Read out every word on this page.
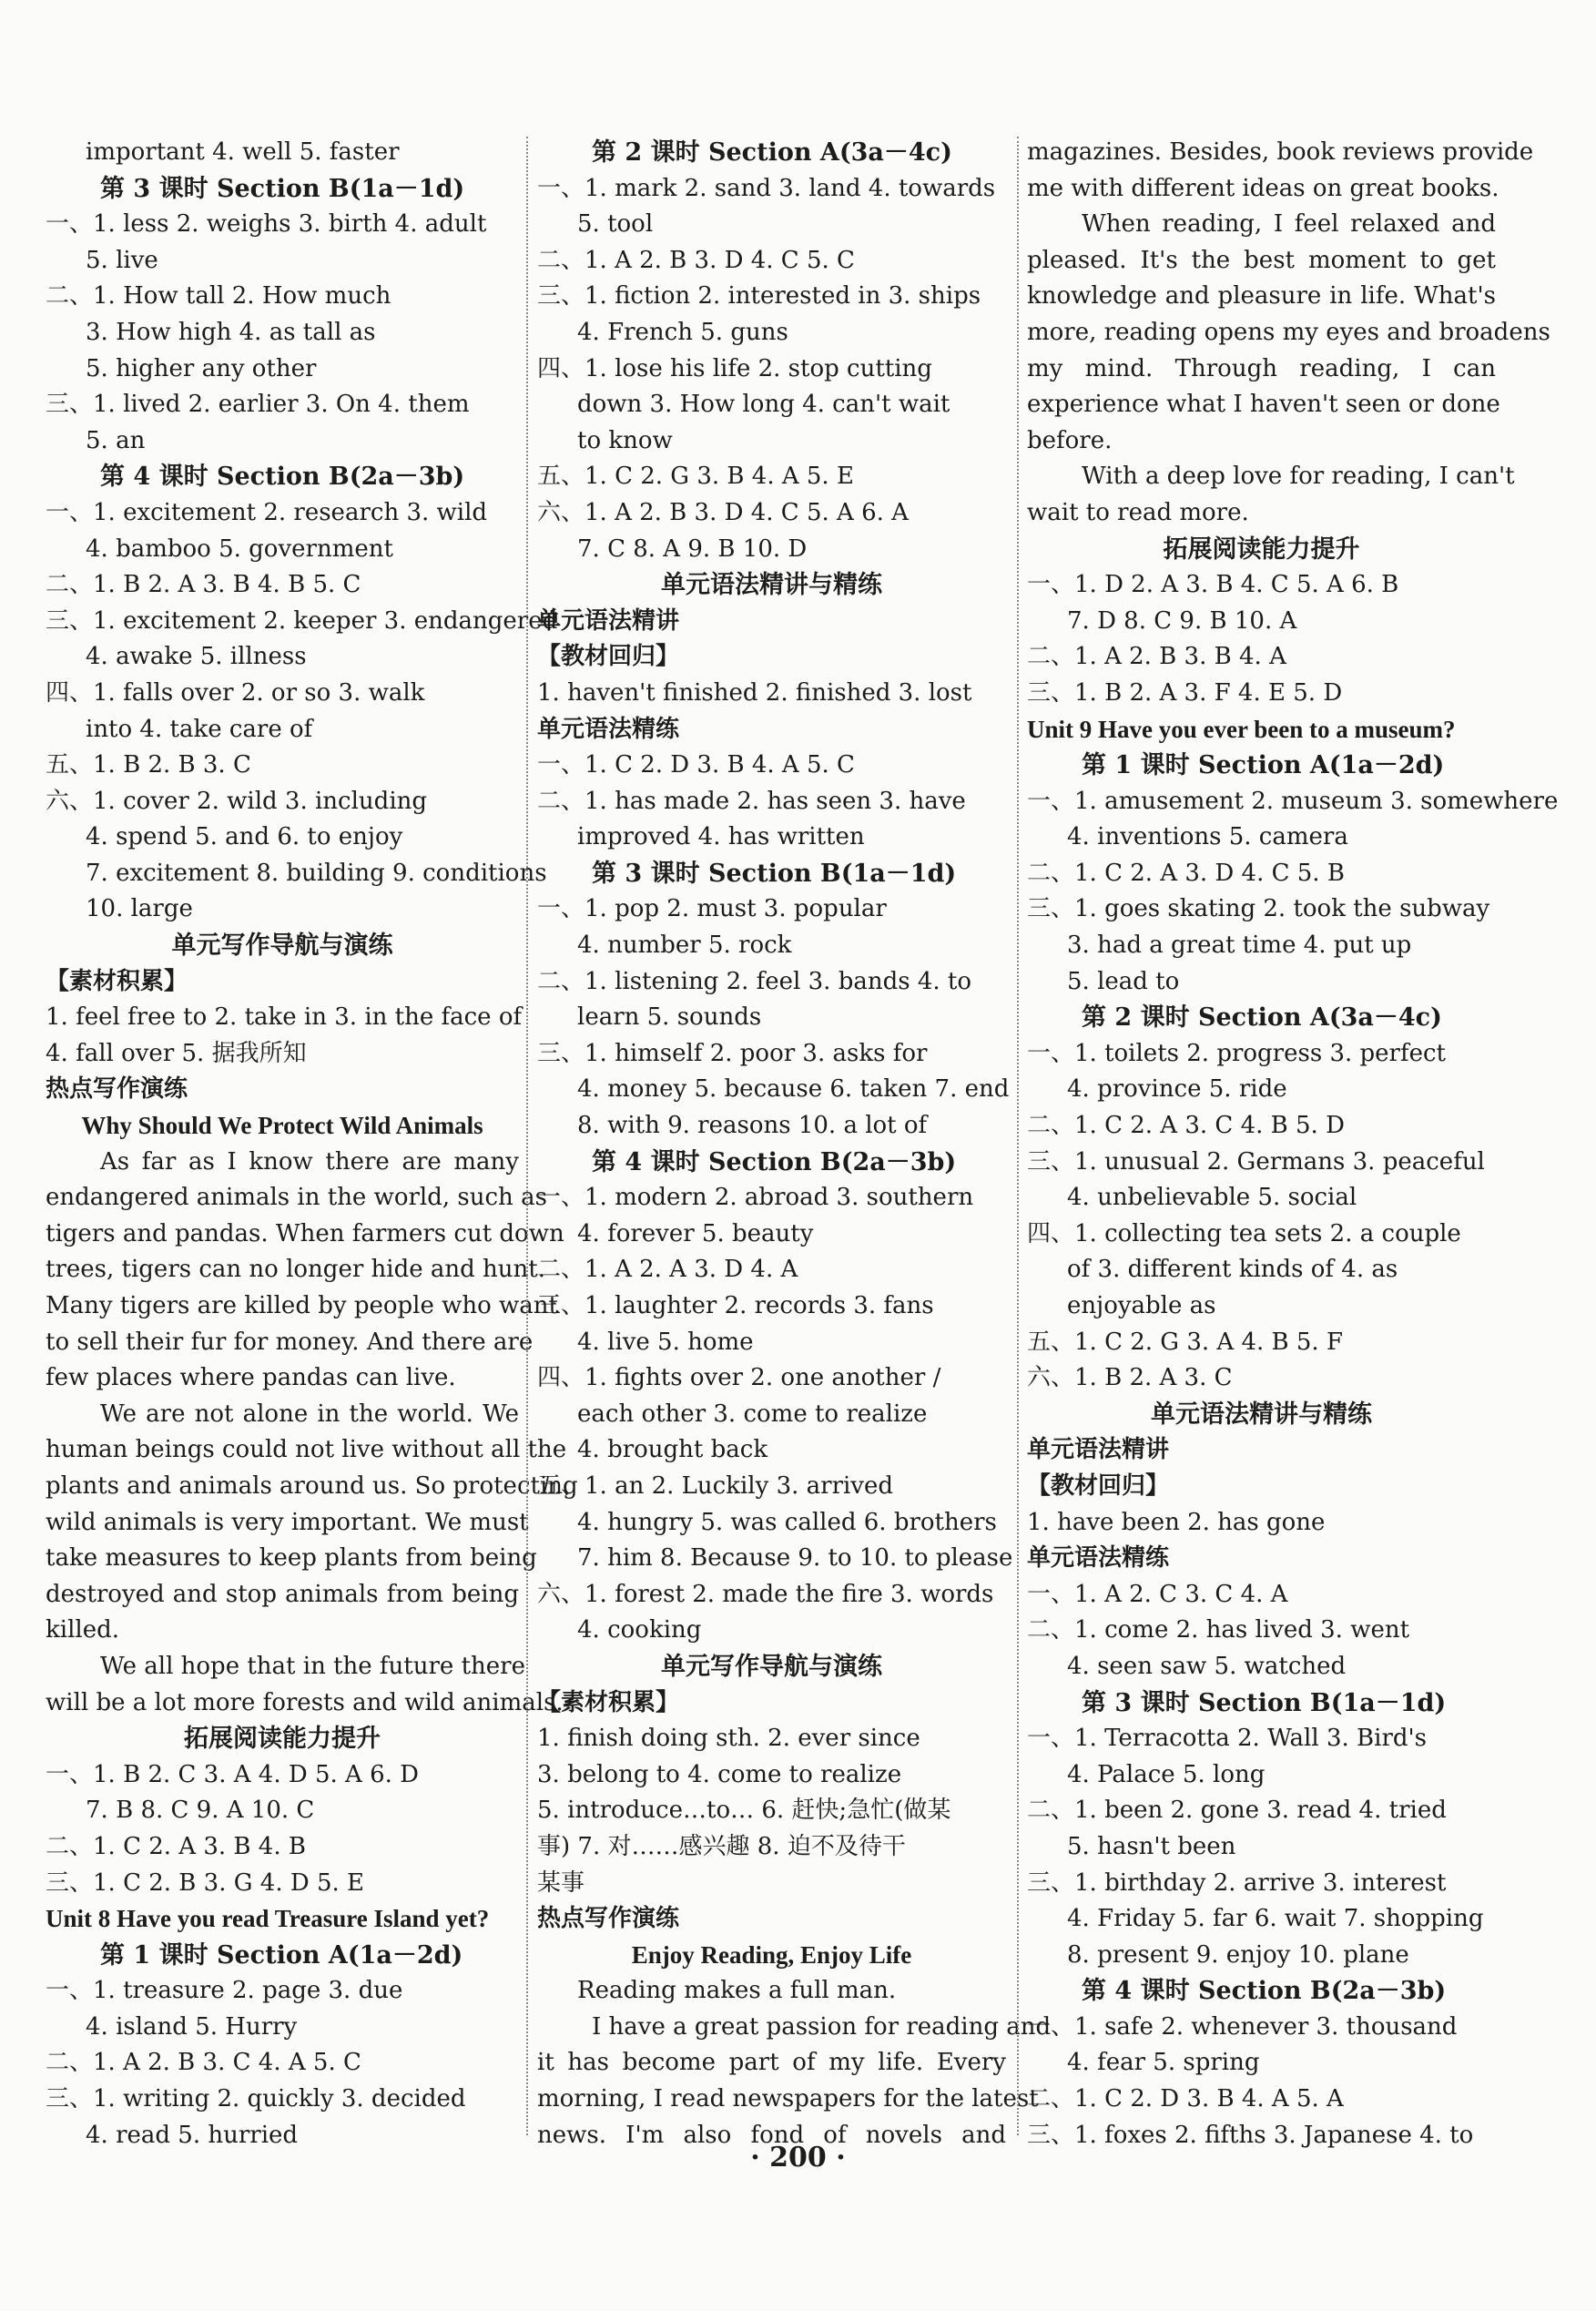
important 4. well 5. faster
第 3 课时 Section B(1a－1d)
一、1. less 2. weighs 3. birth 4. adult
5. live
二、1. How tall 2. How much
3. How high 4. as tall as
5. higher any other
三、1. lived 2. earlier 3. On 4. them
5. an
第 4 课时 Section B(2a－3b)
一、1. excitement 2. research 3. wild
4. bamboo 5. government
二、1. B 2. A 3. B 4. B 5. C
三、1. excitement 2. keeper 3. endangered
4. awake 5. illness
四、1. falls over 2. or so 3. walk
into 4. take care of
五、1. B 2. B 3. C
六、1. cover 2. wild 3. including
4. spend 5. and 6. to enjoy
7. excitement 8. building 9. conditions
10. large
单元写作导航与演练
【素材积累】
1. feel free to 2. take in 3. in the face of
4. fall over 5. 据我所知
热点写作演练
Why Should We Protect Wild Animals
As far as I know there are many
endangered animals in the world, such as
tigers and pandas. When farmers cut down
trees, tigers can no longer hide and hunt.
Many tigers are killed by people who want
to sell their fur for money. And there are
few places where pandas can live.
We are not alone in the world. We
human beings could not live without all the
plants and animals around us. So protecting
wild animals is very important. We must
take measures to keep plants from being
destroyed and stop animals from being
killed.
We all hope that in the future there
will be a lot more forests and wild animals.
拓展阅读能力提升
一、1. B 2. C 3. A 4. D 5. A 6. D
7. B 8. C 9. A 10. C
二、1. C 2. A 3. B 4. B
三、1. C 2. B 3. G 4. D 5. E
Unit 8 Have you read Treasure Island yet?
第 1 课时 Section A(1a－2d)
一、1. treasure 2. page 3. due
4. island 5. Hurry
二、1. A 2. B 3. C 4. A 5. C
三、1. writing 2. quickly 3. decided
4. read 5. hurried
第 2 课时 Section A(3a－4c)
一、1. mark 2. sand 3. land 4. towards
5. tool
二、1. A 2. B 3. D 4. C 5. C
三、1. fiction 2. interested in 3. ships
4. French 5. guns
四、1. lose his life 2. stop cutting
down 3. How long 4. can't wait
to know
五、1. C 2. G 3. B 4. A 5. E
六、1. A 2. B 3. D 4. C 5. A 6. A
7. C 8. A 9. B 10. D
单元语法精讲与精练
单元语法精讲
【教材回归】
1. haven't finished 2. finished 3. lost
单元语法精练
一、1. C 2. D 3. B 4. A 5. C
二、1. has made 2. has seen 3. have
improved 4. has written
第 3 课时 Section B(1a－1d)
一、1. pop 2. must 3. popular
4. number 5. rock
二、1. listening 2. feel 3. bands 4. to
learn 5. sounds
三、1. himself 2. poor 3. asks for
4. money 5. because 6. taken 7. end
8. with 9. reasons 10. a lot of
第 4 课时 Section B(2a－3b)
一、1. modern 2. abroad 3. southern
4. forever 5. beauty
二、1. A 2. A 3. D 4. A
三、1. laughter 2. records 3. fans
4. live 5. home
四、1. fights over 2. one another /
each other 3. come to realize
4. brought back
五、1. an 2. Luckily 3. arrived
4. hungry 5. was called 6. brothers
7. him 8. Because 9. to 10. to please
六、1. forest 2. made the fire 3. words
4. cooking
单元写作导航与演练
【素材积累】
1. finish doing sth. 2. ever since
3. belong to 4. come to realize
5. introduce…to… 6. 赶快;急忙(做某
事) 7. 对……感兴趣 8. 迫不及待干
某事
热点写作演练
Enjoy Reading, Enjoy Life
Reading makes a full man.
I have a great passion for reading and
it has become part of my life. Every
morning, I read newspapers for the latest
news. I'm also fond of novels and
magazines. Besides, book reviews provide
me with different ideas on great books.
When reading, I feel relaxed and
pleased. It's the best moment to get
knowledge and pleasure in life. What's
more, reading opens my eyes and broadens
my mind. Through reading, I can
experience what I haven't seen or done
before.
With a deep love for reading, I can't
wait to read more.
拓展阅读能力提升
一、1. D 2. A 3. B 4. C 5. A 6. B
7. D 8. C 9. B 10. A
二、1. A 2. B 3. B 4. A
三、1. B 2. A 3. F 4. E 5. D
Unit 9 Have you ever been to a museum?
第 1 课时 Section A(1a－2d)
一、1. amusement 2. museum 3. somewhere
4. inventions 5. camera
二、1. C 2. A 3. D 4. C 5. B
三、1. goes skating 2. took the subway
3. had a great time 4. put up
5. lead to
第 2 课时 Section A(3a－4c)
一、1. toilets 2. progress 3. perfect
4. province 5. ride
二、1. C 2. A 3. C 4. B 5. D
三、1. unusual 2. Germans 3. peaceful
4. unbelievable 5. social
四、1. collecting tea sets 2. a couple
of 3. different kinds of 4. as
enjoyable as
五、1. C 2. G 3. A 4. B 5. F
六、1. B 2. A 3. C
单元语法精讲与精练
单元语法精讲
【教材回归】
1. have been 2. has gone
单元语法精练
一、1. A 2. C 3. C 4. A
二、1. come 2. has lived 3. went
4. seen saw 5. watched
第 3 课时 Section B(1a－1d)
一、1. Terracotta 2. Wall 3. Bird's
4. Palace 5. long
二、1. been 2. gone 3. read 4. tried
5. hasn't been
三、1. birthday 2. arrive 3. interest
4. Friday 5. far 6. wait 7. shopping
8. present 9. enjoy 10. plane
第 4 课时 Section B(2a－3b)
一、1. safe 2. whenever 3. thousand
4. fear 5. spring
二、1. C 2. D 3. B 4. A 5. A
三、1. foxes 2. fifths 3. Japanese 4. to
· 200 ·
